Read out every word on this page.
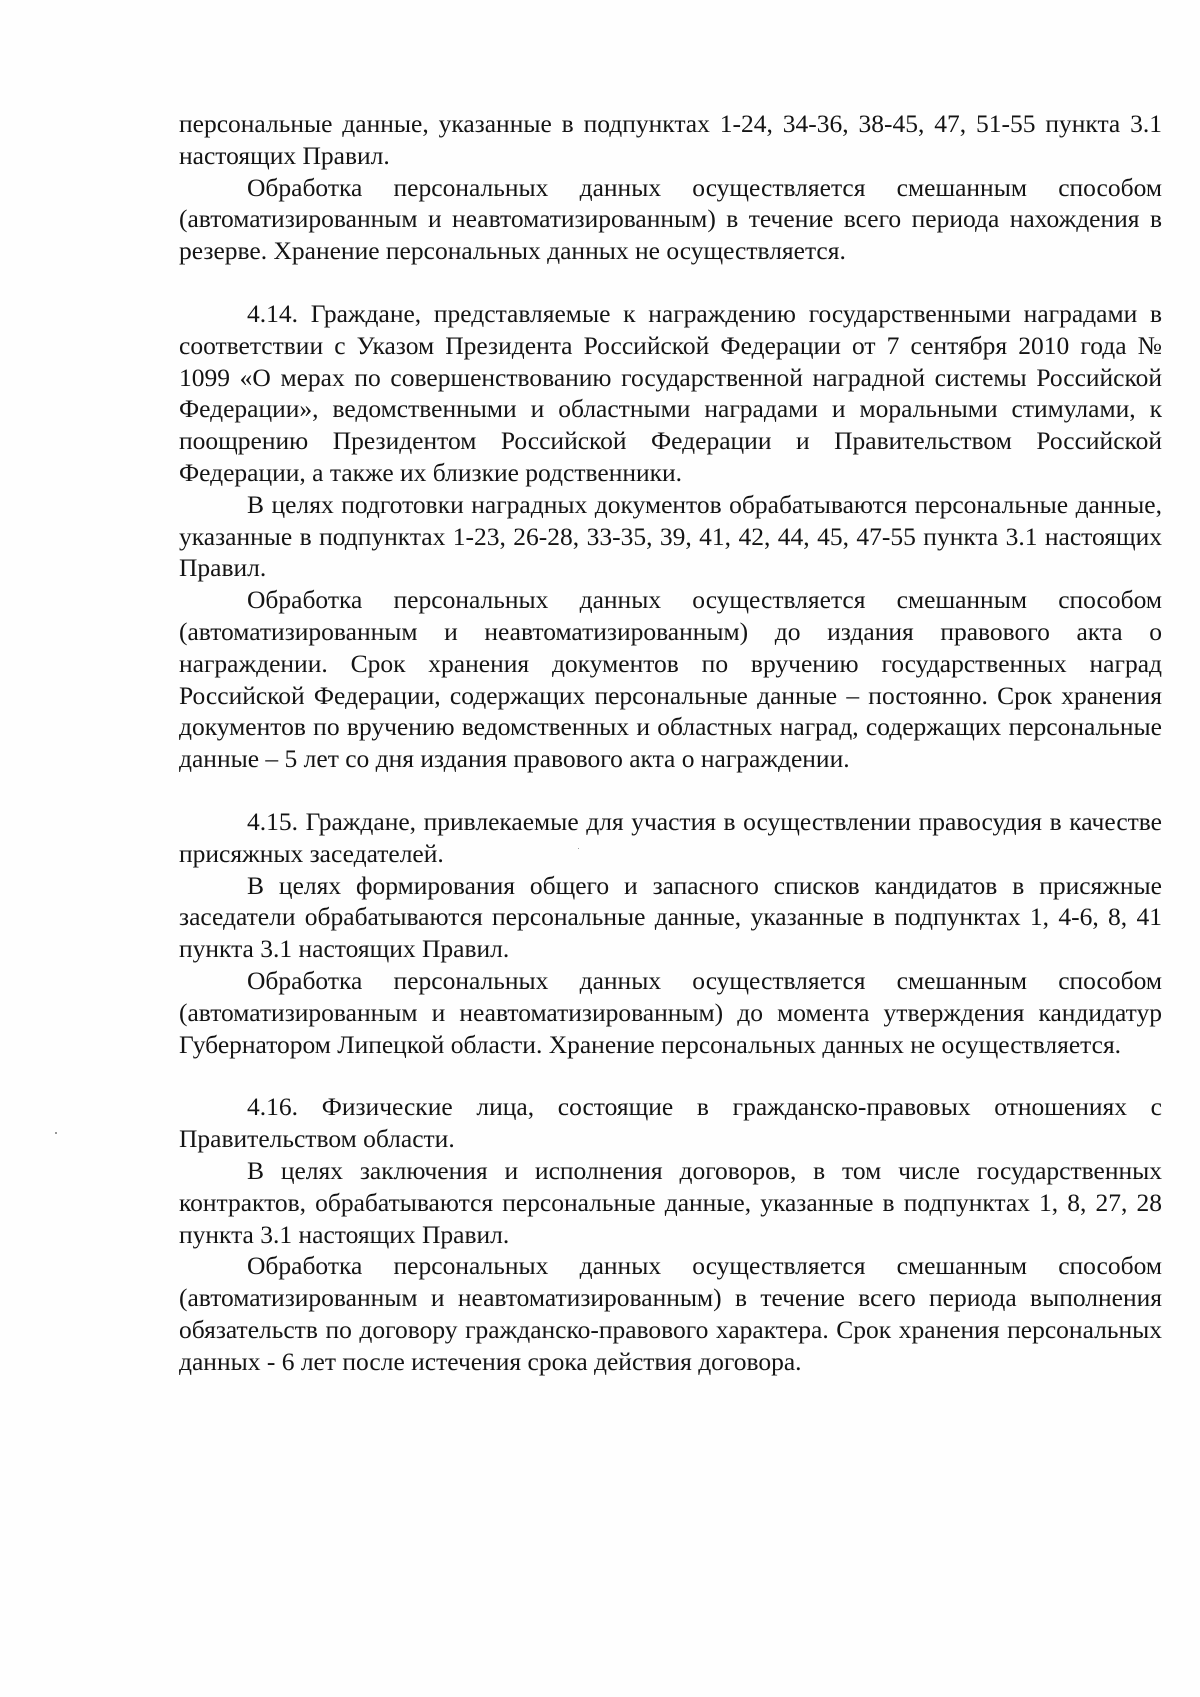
персональные данные, указанные в подпунктах 1-24, 34-36, 38-45, 47, 51-55 пункта 3.1 настоящих Правил.

Обработка персональных данных осуществляется смешанным способом (автоматизированным и неавтоматизированным) в течение всего периода нахождения в резерве. Хранение персональных данных не осуществляется.

4.14. Граждане, представляемые к награждению государственными наградами в соответствии с Указом Президента Российской Федерации от 7 сентября 2010 года № 1099 «О мерах по совершенствованию государственной наградной системы Российской Федерации», ведомственными и областными наградами и моральными стимулами, к поощрению Президентом Российской Федерации и Правительством Российской Федерации, а также их близкие родственники.

В целях подготовки наградных документов обрабатываются персональные данные, указанные в подпунктах 1-23, 26-28, 33-35, 39, 41, 42, 44, 45, 47-55 пункта 3.1 настоящих Правил.

Обработка персональных данных осуществляется смешанным способом (автоматизированным и неавтоматизированным) до издания правового акта о награждении. Срок хранения документов по вручению государственных наград Российской Федерации, содержащих персональные данные – постоянно. Срок хранения документов по вручению ведомственных и областных наград, содержащих персональные данные – 5 лет со дня издания правового акта о награждении.

4.15. Граждане, привлекаемые для участия в осуществлении правосудия в качестве присяжных заседателей.

В целях формирования общего и запасного списков кандидатов в присяжные заседатели обрабатываются персональные данные, указанные в подпунктах 1, 4-6, 8, 41 пункта 3.1 настоящих Правил.

Обработка персональных данных осуществляется смешанным способом (автоматизированным и неавтоматизированным) до момента утверждения кандидатур Губернатором Липецкой области. Хранение персональных данных не осуществляется.

4.16. Физические лица, состоящие в гражданско-правовых отношениях с Правительством области.

В целях заключения и исполнения договоров, в том числе государственных контрактов, обрабатываются персональные данные, указанные в подпунктах 1, 8, 27, 28 пункта 3.1 настоящих Правил.

Обработка персональных данных осуществляется смешанным способом (автоматизированным и неавтоматизированным) в течение всего периода выполнения обязательств по договору гражданско-правового характера. Срок хранения персональных данных - 6 лет после истечения срока действия договора.
